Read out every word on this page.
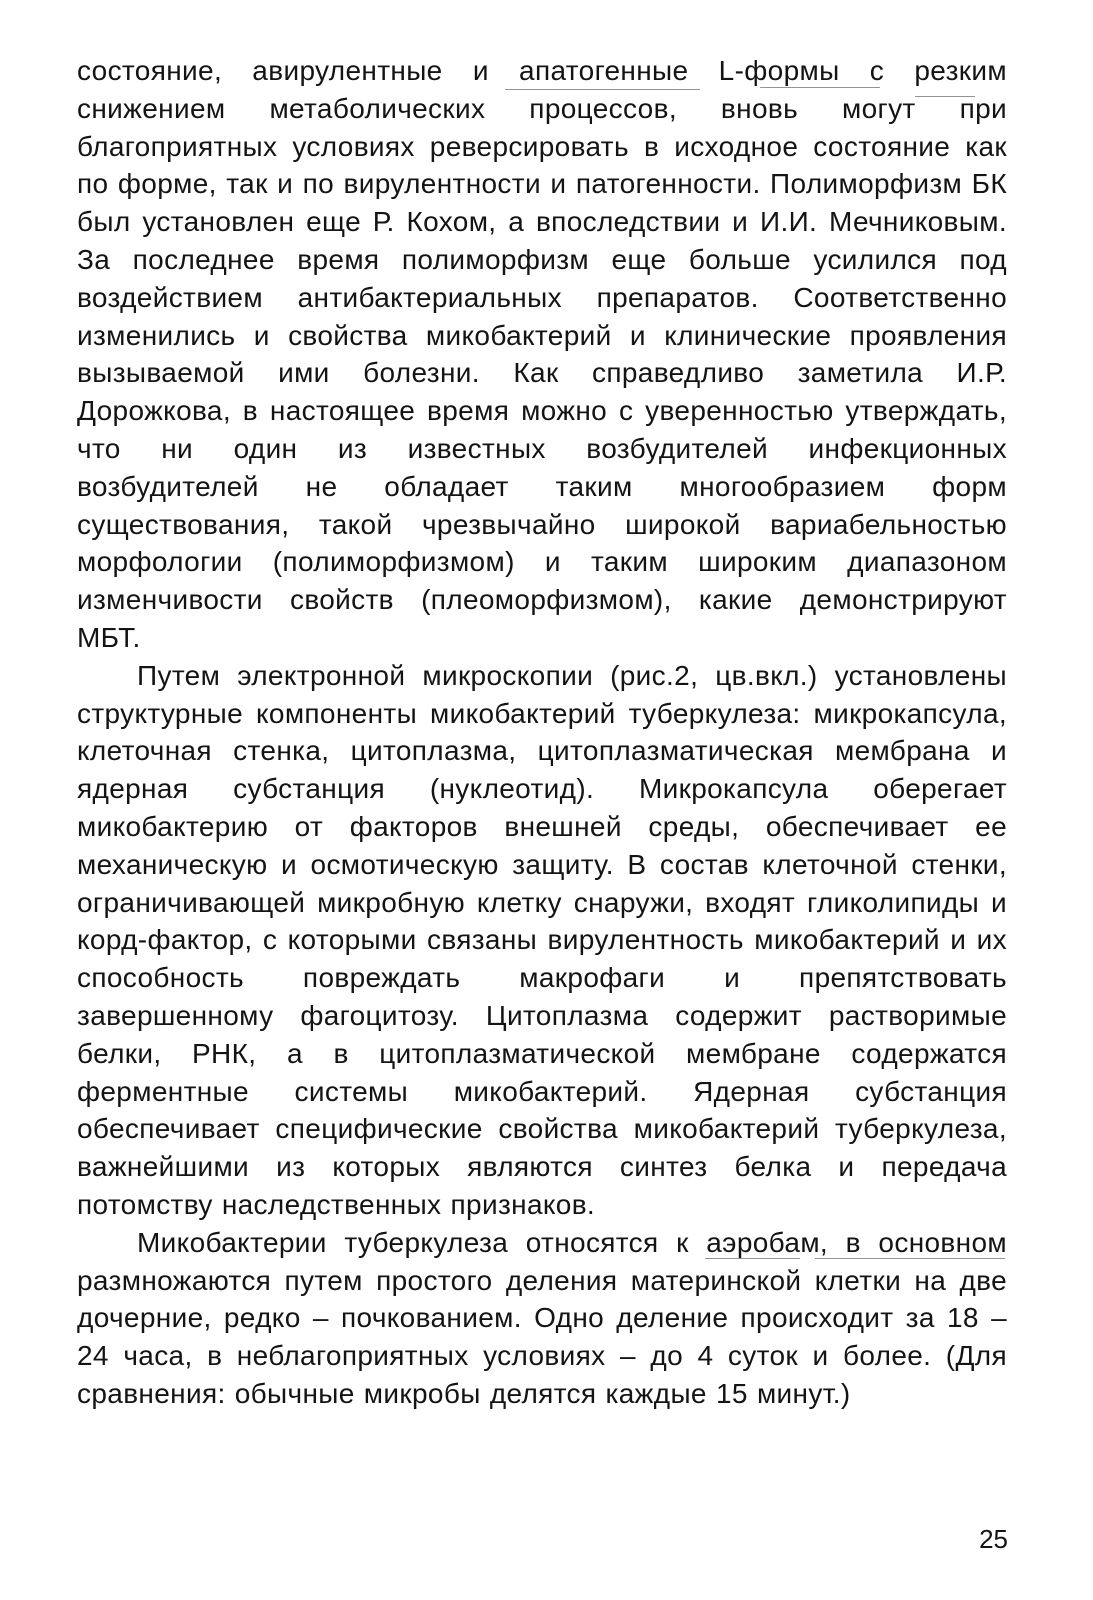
состояние, авирулентные и апатогенные L-формы с резким снижением метаболических процессов, вновь могут при благоприятных условиях реверсировать в исходное состояние как по форме, так и по вирулентности и патогенности. Полиморфизм БК был установлен еще Р. Кохом, а впоследствии и И.И. Мечниковым. За последнее время полиморфизм еще больше усилился под воздействием антибактериальных препаратов. Соответственно изменились и свойства микобактерий и клинические проявления вызываемой ими болезни. Как справедливо заметила И.Р. Дорожкова, в настоящее время можно с уверенностью утверждать, что ни один из известных возбудителей инфекционных возбудителей не обладает таким многообразием форм существования, такой чрезвычайно широкой вариабельностью морфологии (полиморфизмом) и таким широким диапазоном изменчивости свойств (плеоморфизмом), какие демонстрируют МБТ.

Путем электронной микроскопии (рис.2, цв.вкл.) установлены структурные компоненты микобактерий туберкулеза: микрокапсула, клеточная стенка, цитоплазма, цитоплазматическая мембрана и ядерная субстанция (нуклеотид). Микрокапсула оберегает микобактерию от факторов внешней среды, обеспечивает ее механическую и осмотическую защиту. В состав клеточной стенки, ограничивающей микробную клетку снаружи, входят гликолипиды и корд-фактор, с которыми связаны вирулентность микобактерий и их способность повреждать макрофаги и препятствовать завершенному фагоцитозу. Цитоплазма содержит растворимые белки, РНК, а в цитоплазматической мембране содержатся ферментные системы микобактерий. Ядерная субстанция обеспечивает специфические свойства микобактерий туберкулеза, важнейшими из которых являются синтез белка и передача потомству наследственных признаков.

Микобактерии туберкулеза относятся к аэробам, в основном размножаются путем простого деления материнской клетки на две дочерние, редко – почкованием. Одно деление происходит за 18 – 24 часа, в неблагоприятных условиях – до 4 суток и более. (Для сравнения: обычные микробы делятся каждые 15 минут.)

25
